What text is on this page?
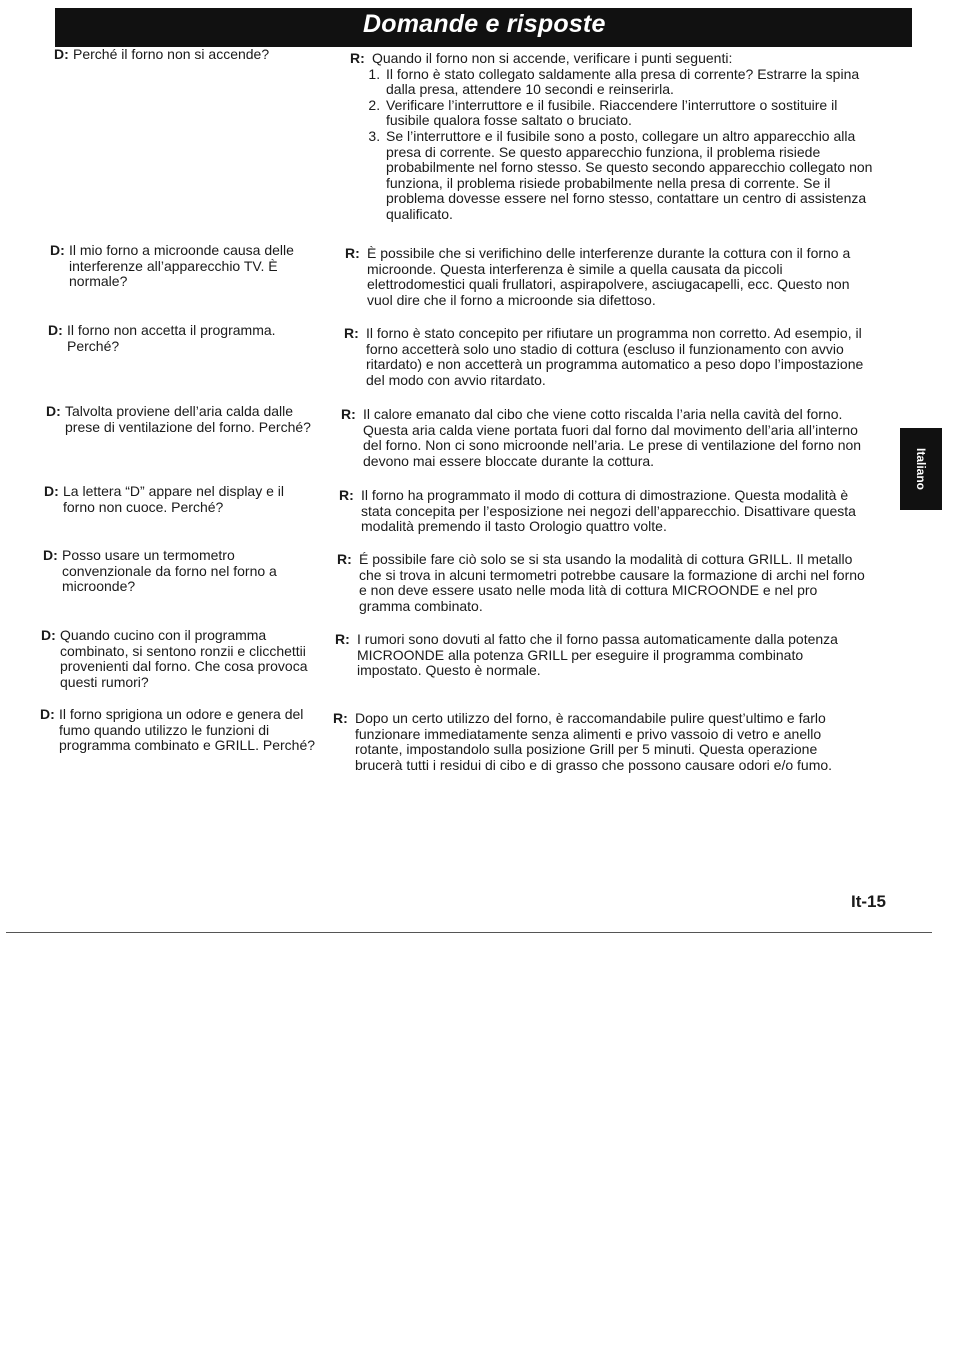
Domande e risposte
D: Perché il forno non si accende?	R: Quando il forno non si accende, verificare i punti seguenti:
1. Il forno è stato collegato saldamente alla presa di corrente? Estrarre la spina dalla presa, attendere 10 secondi e reinserirla.
2. Verificare l’interruttore e il fusibile. Riaccendere l’interruttore o sostituire il fusibile qualora fosse saltato o bruciato.
3. Se l’interruttore e il fusibile sono a posto, collegare un altro apparecchio alla presa di corrente. Se questo apparecchio funziona, il problema risiede probabilmente nel forno stesso. Se questo secondo apparecchio collegato non funziona, il problema risiede probabilmente nella presa di corrente. Se il problema dovesse essere nel forno stesso, contattare un centro di assistenza qualificato.
D: Il mio forno a microonde causa delle interferenze all’apparecchio TV. È normale?
R: È possibile che si verifichino delle interferenze durante la cottura con il forno a microonde. Questa interferenza è simile a quella causata da piccoli elettrodomestici quali frullatori, aspirapolvere, asciugacapelli, ecc. Questo non vuol dire che il forno a microonde sia difettoso.
D: Il forno non accetta il programma. Perché?
R: Il forno è stato concepito per rifiutare un programma non corretto. Ad esempio, il forno accetterà solo uno stadio di cottura (escluso il funzionamento con avvio ritardato) e non accetterà un programma automatico a peso dopo l’impostazione del modo con avvio ritardato.
D: Talvolta proviene dell’aria calda dalle prese di ventilazione del forno. Perché?
R: Il calore emanato dal cibo che viene cotto riscalda l’aria nella cavità del forno. Questa aria calda viene portata fuori dal forno dal movimento dell’aria all’interno del forno. Non ci sono microonde nell’aria. Le prese di ventilazione del forno non devono mai essere bloccate durante la cottura.
D: La lettera “D” appare nel display e il forno non cuoce. Perché?
R: Il forno ha programmato il modo di cottura di dimostrazione. Questa modalità è stata concepita per l’esposizione nei negozi dell’apparecchio. Disattivare questa modalità premendo il tasto Orologio quattro volte.
D: Posso usare un termometro convenzionale da forno nel forno a microonde?
R: É possibile fare ciò solo se si sta usando la modalità di cottura GRILL. Il metallo che si trova in alcuni termometri potrebbe causare la formazione di archi nel forno e non deve essere usato nelle moda lità di cottura MICROONDE e nel pro gramma combinato.
D: Quando cucino con il programma combinato, si sentono ronzii e clicchettii provenienti dal forno. Che cosa provoca questi rumori?
R: I rumori sono dovuti al fatto che il forno passa automaticamente dalla potenza MICROONDE alla potenza GRILL per eseguire il programma combinato impostato. Questo è normale.
D: Il forno sprigiona un odore e genera del fumo quando utilizzo le funzioni di programma combinato e GRILL. Perché?
R: Dopo un certo utilizzo del forno, è raccomandabile pulire quest’ultimo e farlo funzionare immediatamente senza alimenti e privo vassoio di vetro e anello rotante, impostandolo sulla posizione Grill per 5 minuti. Questa operazione brucerà tutti i residui di cibo e di grasso che possono causare odori e/o fumo.
Italiano
It-15
